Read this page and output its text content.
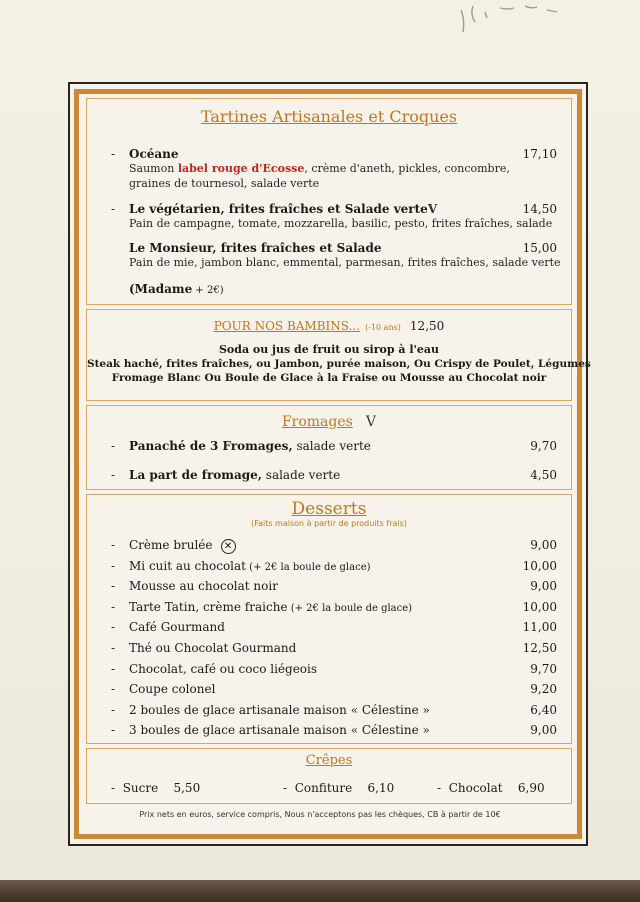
Tartines Artisanales et Croques
- Océane	17,10
Saumon label rouge d'Ecosse, crème d'aneth, pickles, concombre,
graines de tournesol, salade verte
- Le végétarien, frites fraîches et Salade verteV	14,50
Pain de campagne, tomate, mozzarella, basilic, pesto, frites fraîches, salade
Le Monsieur, frites fraîches et Salade	15,00
Pain de mie, jambon blanc, emmental, parmesan, frites fraîches, salade verte
(Madame + 2€)
POUR NOS BAMBINS... (-10 ans) 12,50
Soda ou jus de fruit ou sirop à l'eau
Steak haché, frites fraîches, ou Jambon, purée maison, Ou Crispy de Poulet, Légumes
Fromage Blanc Ou Boule de Glace à la Fraise ou Mousse au Chocolat noir
Fromages V
- Panaché de 3 Fromages, salade verte	9,70
- La part de fromage, salade verte	4,50
Desserts
(Faits maison à partir de produits frais)
- Crème brulée ✕	9,00
- Mi cuit au chocolat (+ 2€ la boule de glace)	10,00
- Mousse au chocolat noir	9,00
- Tarte Tatin, crème fraiche (+ 2€ la boule de glace)	10,00
- Café Gourmand	11,00
- Thé ou Chocolat Gourmand	12,50
- Chocolat, café ou coco liégeois	9,70
- Coupe colonel	9,20
- 2 boules de glace artisanale maison « Célestine »	6,40
- 3 boules de glace artisanale maison « Célestine »	9,00
Crêpes
- Sucre 5,50	- Confiture 6,10	- Chocolat 6,90
Prix nets en euros, service compris, Nous n'acceptons pas les chèques, CB à partir de 10€
